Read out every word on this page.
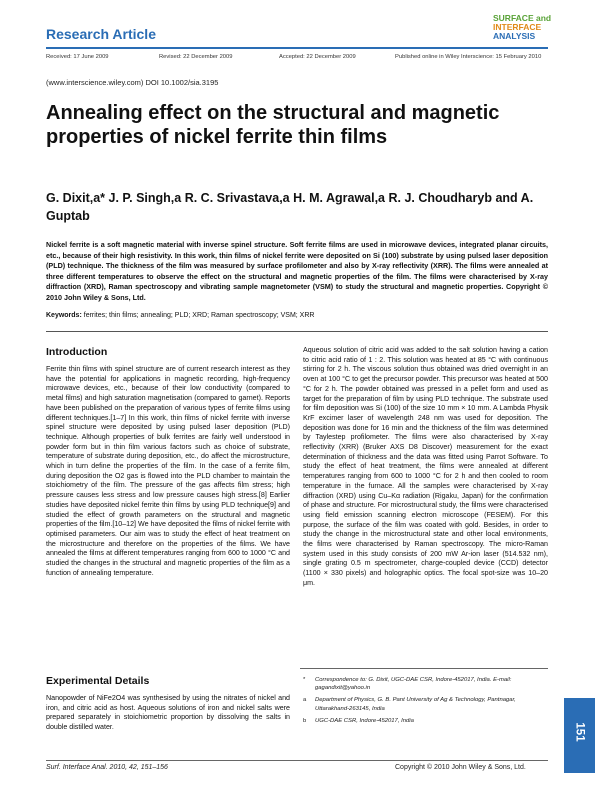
Research Article
SURFACE and
INTERFACE
ANALYSIS
Received: 17 June 2009	Revised: 22 December 2009	Accepted: 22 December 2009	Published online in Wiley Interscience: 15 February 2010
(www.interscience.wiley.com) DOI 10.1002/sia.3195
Annealing effect on the structural and magnetic properties of nickel ferrite thin films
G. Dixit,a* J. P. Singh,a R. C. Srivastava,a H. M. Agrawal,a R. J. Choudharyb and A. Guptab
Nickel ferrite is a soft magnetic material with inverse spinel structure. Soft ferrite films are used in microwave devices, integrated planar circuits, etc., because of their high resistivity. In this work, thin films of nickel ferrite were deposited on Si (100) substrate by using pulsed laser deposition (PLD) technique. The thickness of the film was measured by surface profilometer and also by X-ray reflectivity (XRR). The films were annealed at three different temperatures to observe the effect on the structural and magnetic properties of the film. The films were characterised by X-ray diffraction (XRD), Raman spectroscopy and vibrating sample magnetometer (VSM) to study the structural and magnetic properties. Copyright © 2010 John Wiley & Sons, Ltd.
Keywords: ferrites; thin films; annealing; PLD; XRD; Raman spectroscopy; VSM; XRR
Introduction
Ferrite thin films with spinel structure are of current research interest as they have the potential for applications in magnetic recording, high-frequency microwave devices, etc., because of their low conductivity (compared to metal films) and high saturation magnetisation (compared to garnet). Reports have been published on the preparation of various types of ferrite films using different techniques.[1–7] In this work, thin films of nickel ferrite with inverse spinel structure were deposited by using pulsed laser deposition (PLD) technique. Although properties of bulk ferrites are fairly well understood in powder form but in thin film various factors such as choice of substrate, temperature of substrate during deposition, etc., do affect the microstructure, which in turn define the properties of the film. In the case of a ferrite film, during deposition the O2 gas is flowed into the PLD chamber to maintain the stoichiometry of the film. The pressure of the gas affects film stress; high pressure causes less stress and low pressure causes high stress.[8] Earlier studies have deposited nickel ferrite thin films by using PLD technique[9] and studied the effect of growth parameters on the structural and magnetic properties of the film.[10–12] We have deposited the films of nickel ferrite with optimised parameters. Our aim was to study the effect of heat treatment on the microstructure and therefore on the properties of the films. We have annealed the films at different temperatures ranging from 600 to 1000 °C and studied the changes in the structural and magnetic properties of the film as a function of annealing temperature.
Experimental Details
Nanopowder of NiFe2O4 was synthesised by using the nitrates of nickel and iron, and citric acid as host. Aqueous solutions of iron and nickel salts were prepared separately in stoichiometric proportion by dissolving the salts in double distilled water.
Aqueous solution of citric acid was added to the salt solution having a cation to citric acid ratio of 1 : 2. This solution was heated at 85 °C with continuous stirring for 2 h. The viscous solution thus obtained was dried overnight in an oven at 100 °C to get the precursor powder. This precursor was heated at 500 °C for 2 h. The powder obtained was pressed in a pellet form and used as target for the preparation of film by using PLD technique. The substrate used for film deposition was Si (100) of the size 10 mm × 10 mm. A Lambda Physik KrF excimer laser of wavelength 248 nm was used for deposition. The deposition was done for 16 min and the thickness of the film was determined by Taylestep profilometer. The films were also characterised by X-ray reflectivity (XRR) (Bruker AXS D8 Discover) measurement for the exact determination of thickness and the data was fitted using Parrot Software. To study the effect of heat treatment, the films were annealed at different temperatures ranging from 600 to 1000 °C for 2 h and then cooled to room temperature in the furnace. All the samples were characterised by X-ray diffraction (XRD) using Cu–Kα radiation (Rigaku, Japan) for the confirmation of phase and structure. For microstructural study, the films were characterised using field emission scanning electron microscope (FESEM). For this purpose, the surface of the film was coated with gold. Besides, in order to study the change in the microstructural state and other local environments, the films were characterised by Raman spectroscopy. The micro-Raman system used in this study consists of 200 mW Ar-ion laser (514.532 nm), single grating 0.5 m spectrometer, charge-coupled device (CCD) detector (1100 × 330 pixels) and holographic optics. The focal spot-size was 10–20 μm.
*	Correspondence to: G. Dixit, UGC-DAE CSR, Indore-452017, India. E-mail: gagandixit@yahoo.in
a	Department of Physics, G. B. Pant University of Ag & Technology, Pantnagar, Uttarakhand-263145, India
b	UGC-DAE CSR, Indore-452017, India
151
Surf. Interface Anal. 2010, 42, 151–156	Copyright © 2010 John Wiley & Sons, Ltd.
